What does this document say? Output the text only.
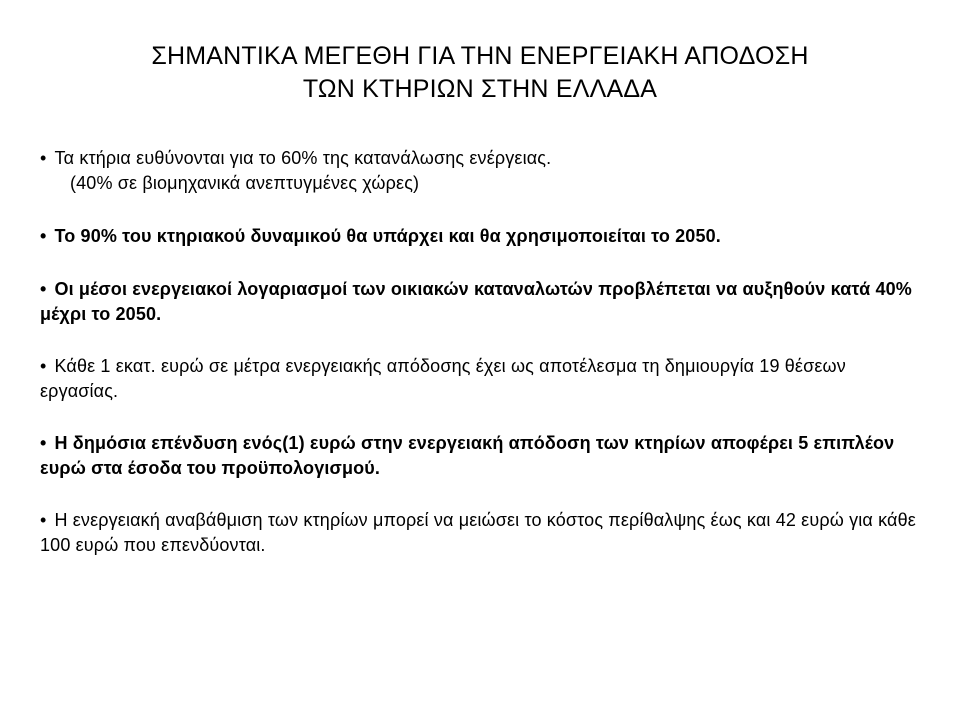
ΣΗΜΑΝΤΙΚΑ ΜΕΓΕΘΗ ΓΙΑ ΤΗΝ ΕΝΕΡΓΕΙΑΚΗ ΑΠΟΔΟΣΗ
ΤΩΝ ΚΤΗΡΙΩΝ ΣΤΗΝ ΕΛΛΑΔΑ
• Τα κτήρια ευθύνονται για το 60% της κατανάλωσης ενέργειας.
(40% σε βιομηχανικά ανεπτυγμένες χώρες)
• Το 90% του κτηριακού δυναμικού θα υπάρχει και θα χρησιμοποιείται το 2050.
• Οι μέσοι ενεργειακοί λογαριασμοί των οικιακών καταναλωτών προβλέπεται να αυξηθούν κατά 40% μέχρι το 2050.
• Κάθε 1 εκατ. ευρώ σε μέτρα ενεργειακής απόδοσης έχει ως αποτέλεσμα τη δημιουργία 19 θέσεων εργασίας.
• Η δημόσια επένδυση ενός(1) ευρώ στην ενεργειακή απόδοση των κτηρίων αποφέρει 5 επιπλέον ευρώ στα έσοδα του προϋπολογισμού.
• Η ενεργειακή αναβάθμιση των κτηρίων μπορεί να μειώσει το κόστος περίθαλψης έως και 42 ευρώ για κάθε 100 ευρώ που επενδύονται.
